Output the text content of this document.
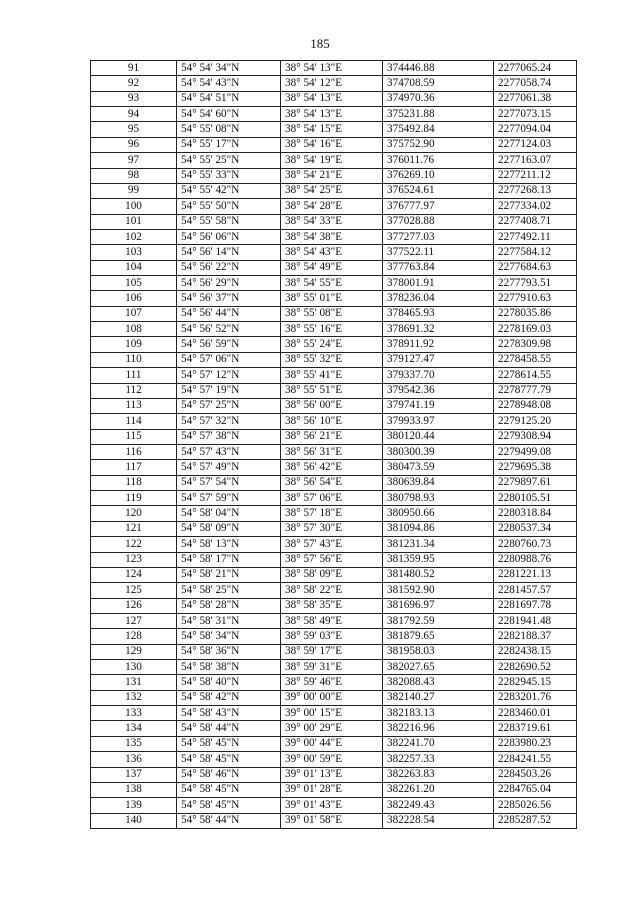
185
91	54° 54' 34"N	38° 54' 13"E	374446.88	2277065.24
92	54° 54' 43"N	38° 54' 12"E	374708.59	2277058.74
93	54° 54' 51"N	38° 54' 13"E	374970.36	2277061.38
94	54° 54' 60"N	38° 54' 13"E	375231.88	2277073.15
95	54° 55' 08"N	38° 54' 15"E	375492.84	2277094.04
96	54° 55' 17"N	38° 54' 16"E	375752.90	2277124.03
97	54° 55' 25"N	38° 54' 19"E	376011.76	2277163.07
98	54° 55' 33"N	38° 54' 21"E	376269.10	2277211.12
99	54° 55' 42"N	38° 54' 25"E	376524.61	2277268.13
100	54° 55' 50"N	38° 54' 28"E	376777.97	2277334.02
101	54° 55' 58"N	38° 54' 33"E	377028.88	2277408.71
102	54° 56' 06"N	38° 54' 38"E	377277.03	2277492.11
103	54° 56' 14"N	38° 54' 43"E	377522.11	2277584.12
104	54° 56' 22"N	38° 54' 49"E	377763.84	2277684.63
105	54° 56' 29"N	38° 54' 55"E	378001.91	2277793.51
106	54° 56' 37"N	38° 55' 01"E	378236.04	2277910.63
107	54° 56' 44"N	38° 55' 08"E	378465.93	2278035.86
108	54° 56' 52"N	38° 55' 16"E	378691.32	2278169.03
109	54° 56' 59"N	38° 55' 24"E	378911.92	2278309.98
110	54° 57' 06"N	38° 55' 32"E	379127.47	2278458.55
111	54° 57' 12"N	38° 55' 41"E	379337.70	2278614.55
112	54° 57' 19"N	38° 55' 51"E	379542.36	2278777.79
113	54° 57' 25"N	38° 56' 00"E	379741.19	2278948.08
114	54° 57' 32"N	38° 56' 10"E	379933.97	2279125.20
115	54° 57' 38"N	38° 56' 21"E	380120.44	2279308.94
116	54° 57' 43"N	38° 56' 31"E	380300.39	2279499.08
117	54° 57' 49"N	38° 56' 42"E	380473.59	2279695.38
118	54° 57' 54"N	38° 56' 54"E	380639.84	2279897.61
119	54° 57' 59"N	38° 57' 06"E	380798.93	2280105.51
120	54° 58' 04"N	38° 57' 18"E	380950.66	2280318.84
121	54° 58' 09"N	38° 57' 30"E	381094.86	2280537.34
122	54° 58' 13"N	38° 57' 43"E	381231.34	2280760.73
123	54° 58' 17"N	38° 57' 56"E	381359.95	2280988.76
124	54° 58' 21"N	38° 58' 09"E	381480.52	2281221.13
125	54° 58' 25"N	38° 58' 22"E	381592.90	2281457.57
126	54° 58' 28"N	38° 58' 35"E	381696.97	2281697.78
127	54° 58' 31"N	38° 58' 49"E	381792.59	2281941.48
128	54° 58' 34"N	38° 59' 03"E	381879.65	2282188.37
129	54° 58' 36"N	38° 59' 17"E	381958.03	2282438.15
130	54° 58' 38"N	38° 59' 31"E	382027.65	2282690.52
131	54° 58' 40"N	38° 59' 46"E	382088.43	2282945.15
132	54° 58' 42"N	39° 00' 00"E	382140.27	2283201.76
133	54° 58' 43"N	39° 00' 15"E	382183.13	2283460.01
134	54° 58' 44"N	39° 00' 29"E	382216.96	2283719.61
135	54° 58' 45"N	39° 00' 44"E	382241.70	2283980.23
136	54° 58' 45"N	39° 00' 59"E	382257.33	2284241.55
137	54° 58' 46"N	39° 01' 13"E	382263.83	2284503.26
138	54° 58' 45"N	39° 01' 28"E	382261.20	2284765.04
139	54° 58' 45"N	39° 01' 43"E	382249.43	2285026.56
140	54° 58' 44"N	39° 01' 58"E	382228.54	2285287.52
